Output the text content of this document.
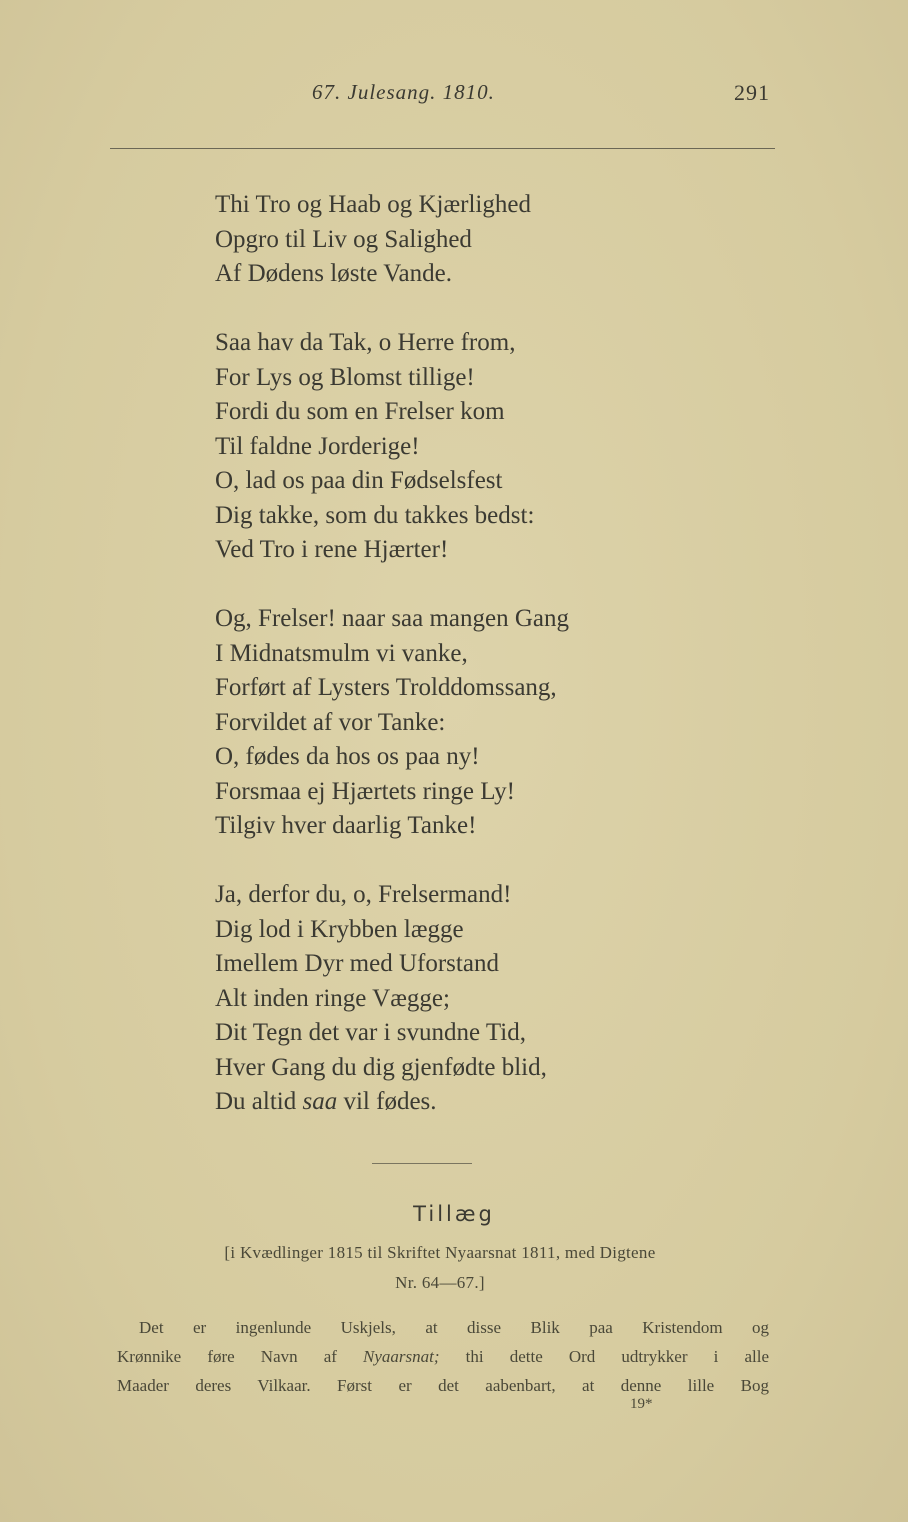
67. Julesang. 1810.	291
Thi Tro og Haab og Kjærlighed
Opgro til Liv og Salighed
Af Dødens løste Vande.
Saa hav da Tak, o Herre from,
For Lys og Blomst tillige!
Fordi du som en Frelser kom
Til faldne Jorderige!
O, lad os paa din Fødselsfest
Dig takke, som du takkes bedst:
Ved Tro i rene Hjærter!
Og, Frelser! naar saa mangen Gang
I Midnatsmulm vi vanke,
Forført af Lysters Trolddomssang,
Forvildet af vor Tanke:
O, fødes da hos os paa ny!
Forsmaa ej Hjærtets ringe Ly!
Tilgiv hver daarlig Tanke!
Ja, derfor du, o, Frelsermand!
Dig lod i Krybben lægge
Imellem Dyr med Uforstand
Alt inden ringe Vægge;
Dit Tegn det var i svundne Tid,
Hver Gang du dig gjenfødte blid,
Du altid saa vil fødes.
Tillæg
[i Kvædlinger 1815 til Skriftet Nyaarsnat 1811, med Digtene
Nr. 64—67.]
Det er ingenlunde Uskjels, at disse Blik paa Kristendom og
Krønnike føre Navn af Nyaarsnat; thi dette Ord udtrykker i alle
Maader deres Vilkaar. Først er det aabenbart, at denne lille Bog
19*
